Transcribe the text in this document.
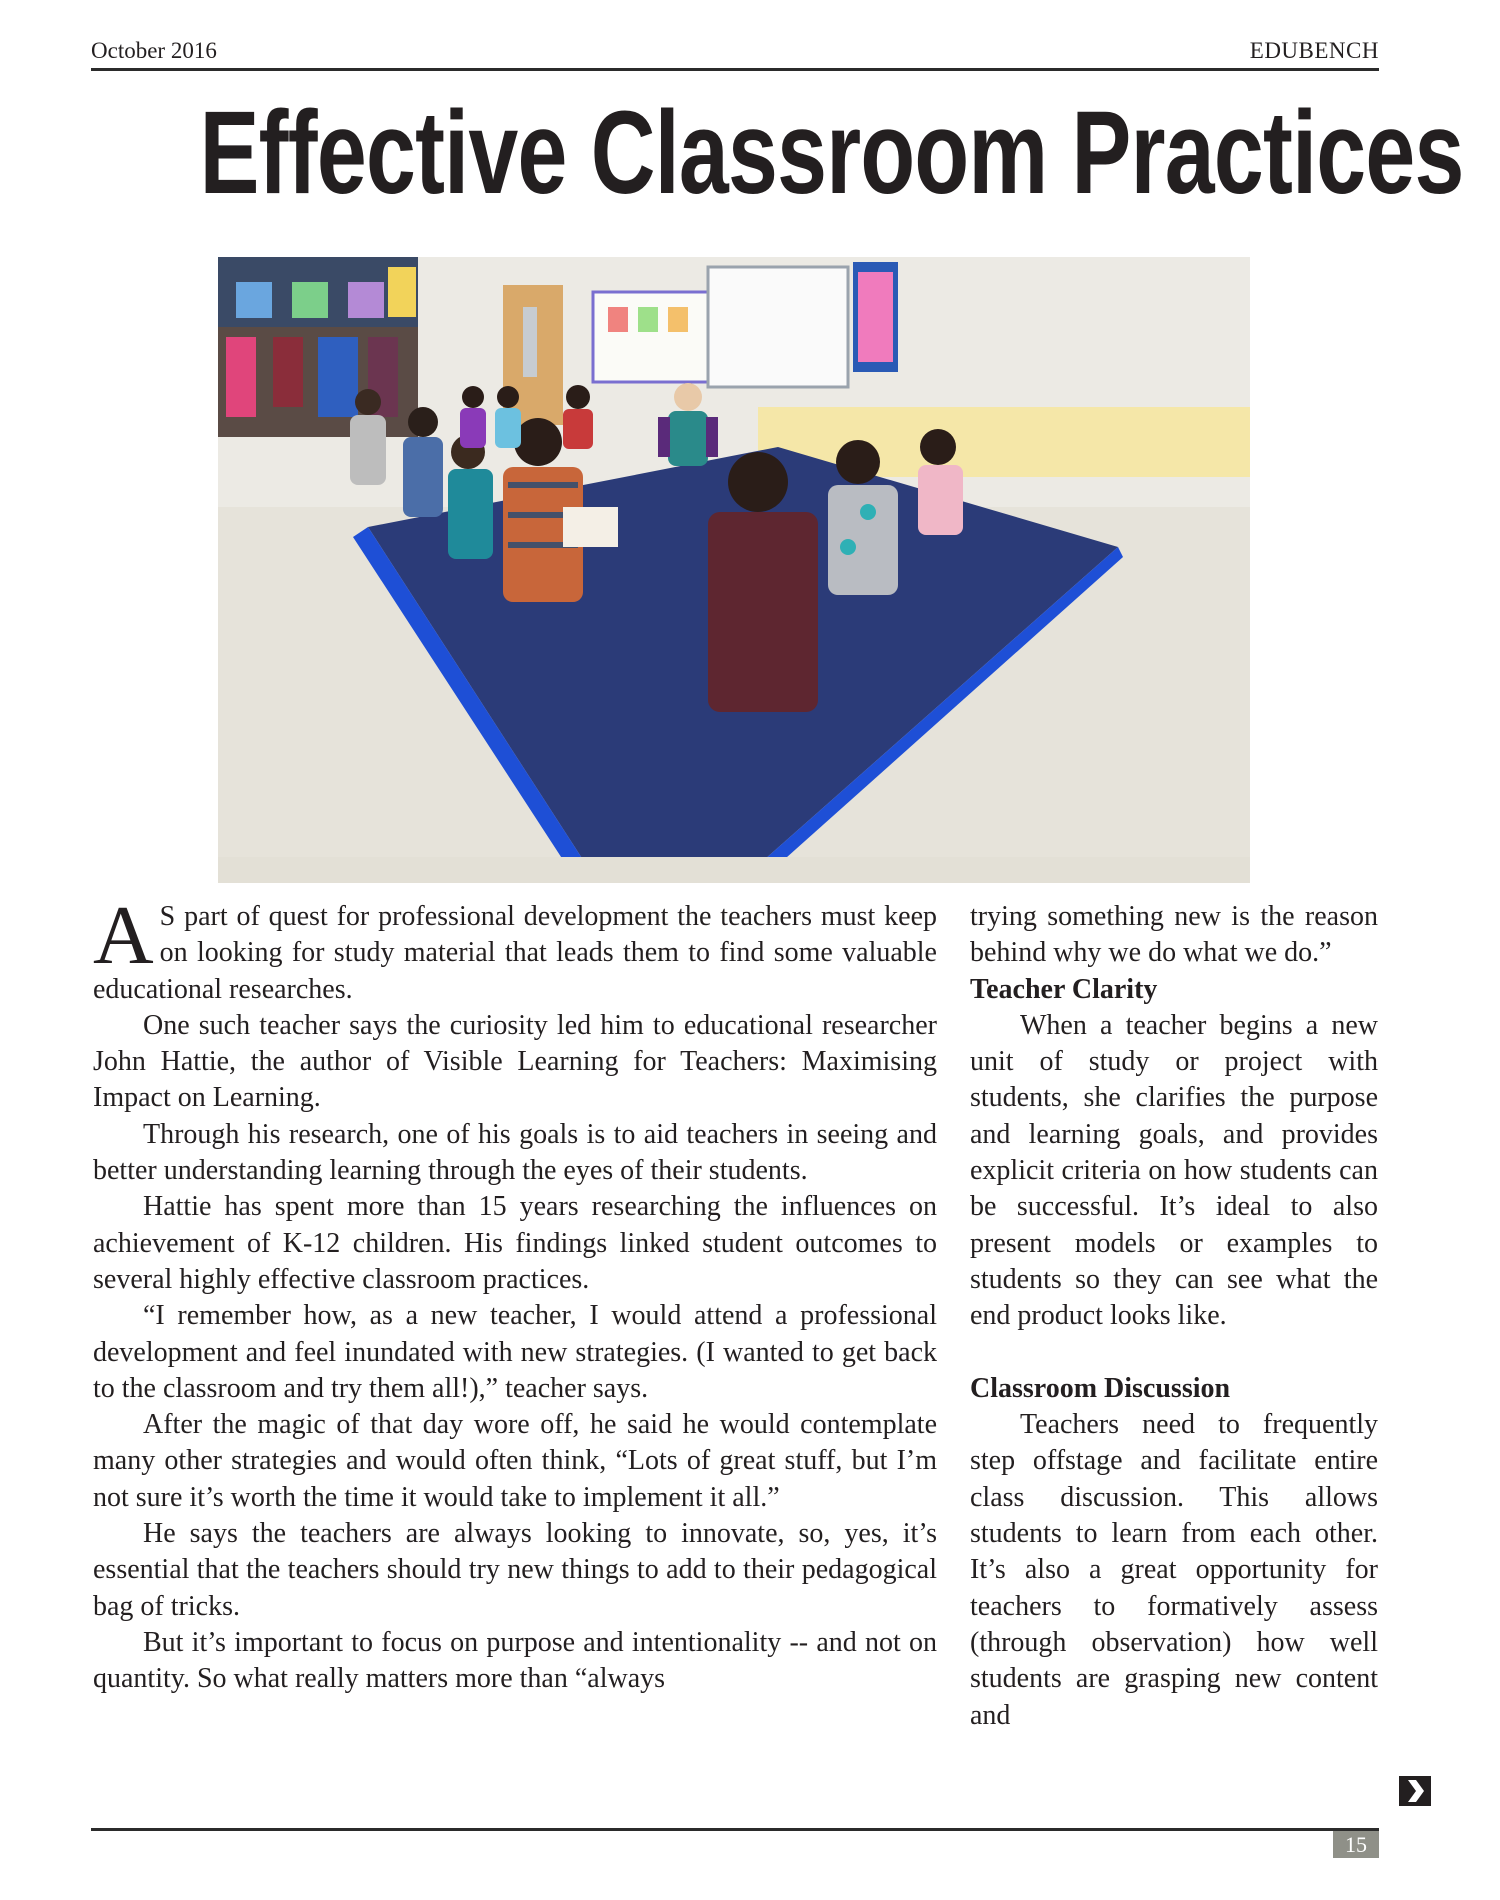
October 2016	EDUBENCH
Effective Classroom Practices

A S part of quest for professional development the teachers must keep on looking for study material that leads them to find some valuable educational researches.

One such teacher says the curiosity led him to educational researcher John Hattie, the author of Visible Learning for Teachers: Maximising Impact on Learning.

Through his research, one of his goals is to aid teachers in seeing and better understanding learning through the eyes of their students.

Hattie has spent more than 15 years researching the influences on achievement of K-12 children. His findings linked student outcomes to several highly effective classroom practices.

“I remember how, as a new teacher, I would attend a professional development and feel inundated with new strategies. (I wanted to get back to the classroom and try them all!),” teacher says.

After the magic of that day wore off, he said he would contemplate many other strategies and would often think, “Lots of great stuff, but I’m not sure it’s worth the time it would take to implement it all.”

He says the teachers are always looking to innovate, so, yes, it’s essential that the teachers should try new things to add to their pedagogical bag of tricks.

But it’s important to focus on purpose and intentionality -- and not on quantity. So what really matters more than “always

trying something new is the reason behind why we do what we do.”

Teacher Clarity

When a teacher begins a new unit of study or project with students, she clarifies the purpose and learning goals, and provides explicit criteria on how students can be successful. It’s ideal to also present models or examples to students so they can see what the end product looks like.

Classroom Discussion

Teachers need to frequently step offstage and facilitate entire class discussion. This allows students to learn from each other. It’s also a great opportunity for teachers to formatively assess (through observation) how well students are grasping new content and

15
